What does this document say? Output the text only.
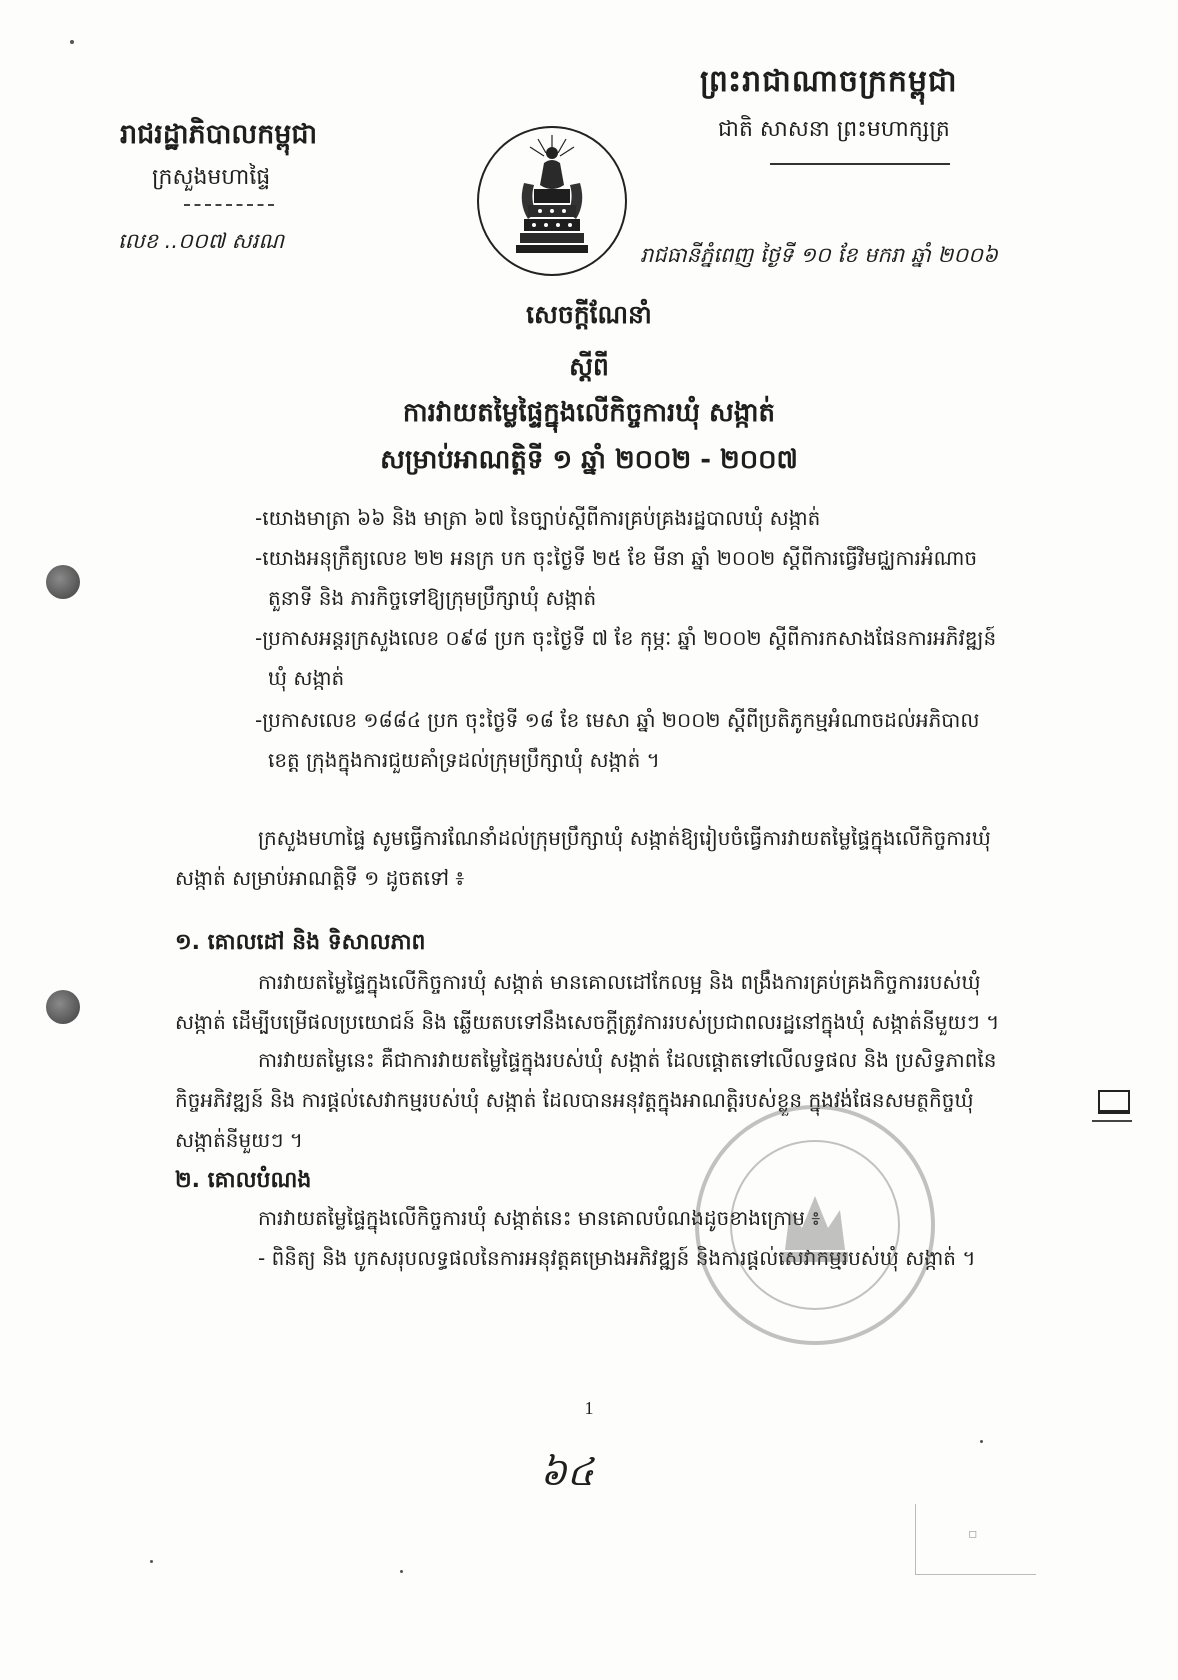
ព្រះរាជាណាចក្រកម្ពុជា
ជាតិ សាសនា ព្រះមហាក្សត្រ
រាជរដ្ឋាភិបាលកម្ពុជា
ក្រសួងមហាផ្ទៃ
លេខ ..០០៧ សរណ
រាជធានីភ្នំពេញ ថ្ងៃទី ១០ ខែ មករា ឆ្នាំ ២០០៦
សេចក្តីណែនាំ
ស្តីពី
ការវាយតម្លៃផ្ទៃក្នុងលើកិច្ចការឃុំ សង្កាត់
សម្រាប់អាណត្តិទី ១ ឆ្នាំ ២០០២ - ២០០៧
-យោងមាត្រា ៦៦ និង មាត្រា ៦៧ នៃច្បាប់ស្តីពីការគ្រប់គ្រងរដ្ឋបាលឃុំ សង្កាត់
-យោងអនុក្រឹត្យលេខ ២២ អនក្រ បក ចុះថ្ងៃទី ២៥ ខែ មីនា ឆ្នាំ ២០០២ ស្តីពីការធ្វើវិមជ្ឈការអំណាច
តួនាទី និង ភារកិច្ចទៅឱ្យក្រុមប្រឹក្សាឃុំ សង្កាត់
-ប្រកាសអន្តរក្រសួងលេខ ០៩៨ ប្រក ចុះថ្ងៃទី ៧ ខែ កុម្ភៈ ឆ្នាំ ២០០២ ស្តីពីការកសាងផែនការអភិវឌ្ឍន៍
ឃុំ សង្កាត់
-ប្រកាសលេខ ១៨៨៤ ប្រក ចុះថ្ងៃទី ១៨ ខែ មេសា ឆ្នាំ ២០០២ ស្តីពីប្រតិភូកម្មអំណាចដល់អភិបាល
ខេត្ត ក្រុងក្នុងការជួយគាំទ្រដល់ក្រុមប្រឹក្សាឃុំ សង្កាត់ ។
ក្រសួងមហាផ្ទៃ សូមធ្វើការណែនាំដល់ក្រុមប្រឹក្សាឃុំ សង្កាត់ឱ្យរៀបចំធ្វើការវាយតម្លៃផ្ទៃក្នុងលើកិច្ចការឃុំ
សង្កាត់ សម្រាប់អាណត្តិទី ១ ដូចតទៅ ៖
១. គោលដៅ និង ទិសាលភាព
ការវាយតម្លៃផ្ទៃក្នុងលើកិច្ចការឃុំ សង្កាត់ មានគោលដៅកែលម្អ និង ពង្រឹងការគ្រប់គ្រងកិច្ចការរបស់ឃុំ
សង្កាត់ ដើម្បីបម្រើផលប្រយោជន៍ និង ឆ្លើយតបទៅនឹងសេចក្តីត្រូវការរបស់ប្រជាពលរដ្ឋនៅក្នុងឃុំ សង្កាត់នីមួយៗ ។
ការវាយតម្លៃនេះ គឺជាការវាយតម្លៃផ្ទៃក្នុងរបស់ឃុំ សង្កាត់ ដែលផ្តោតទៅលើលទ្ធផល និង ប្រសិទ្ធភាពនៃ
កិច្ចអភិវឌ្ឍន៍ និង ការផ្តល់សេវាកម្មរបស់ឃុំ សង្កាត់ ដែលបានអនុវត្តក្នុងអាណត្តិរបស់ខ្លួន ក្នុងវង់ផែនសមត្ថកិច្ចឃុំ
សង្កាត់នីមួយៗ ។
២. គោលបំណង
ការវាយតម្លៃផ្ទៃក្នុងលើកិច្ចការឃុំ សង្កាត់នេះ មានគោលបំណងដូចខាងក្រោម ៖
- ពិនិត្យ និង បូកសរុបលទ្ធផលនៃការអនុវត្តគម្រោងអភិវឌ្ឍន៍ និងការផ្តល់សេវាកម្មរបស់ឃុំ សង្កាត់ ។
1
៦៤
▫
